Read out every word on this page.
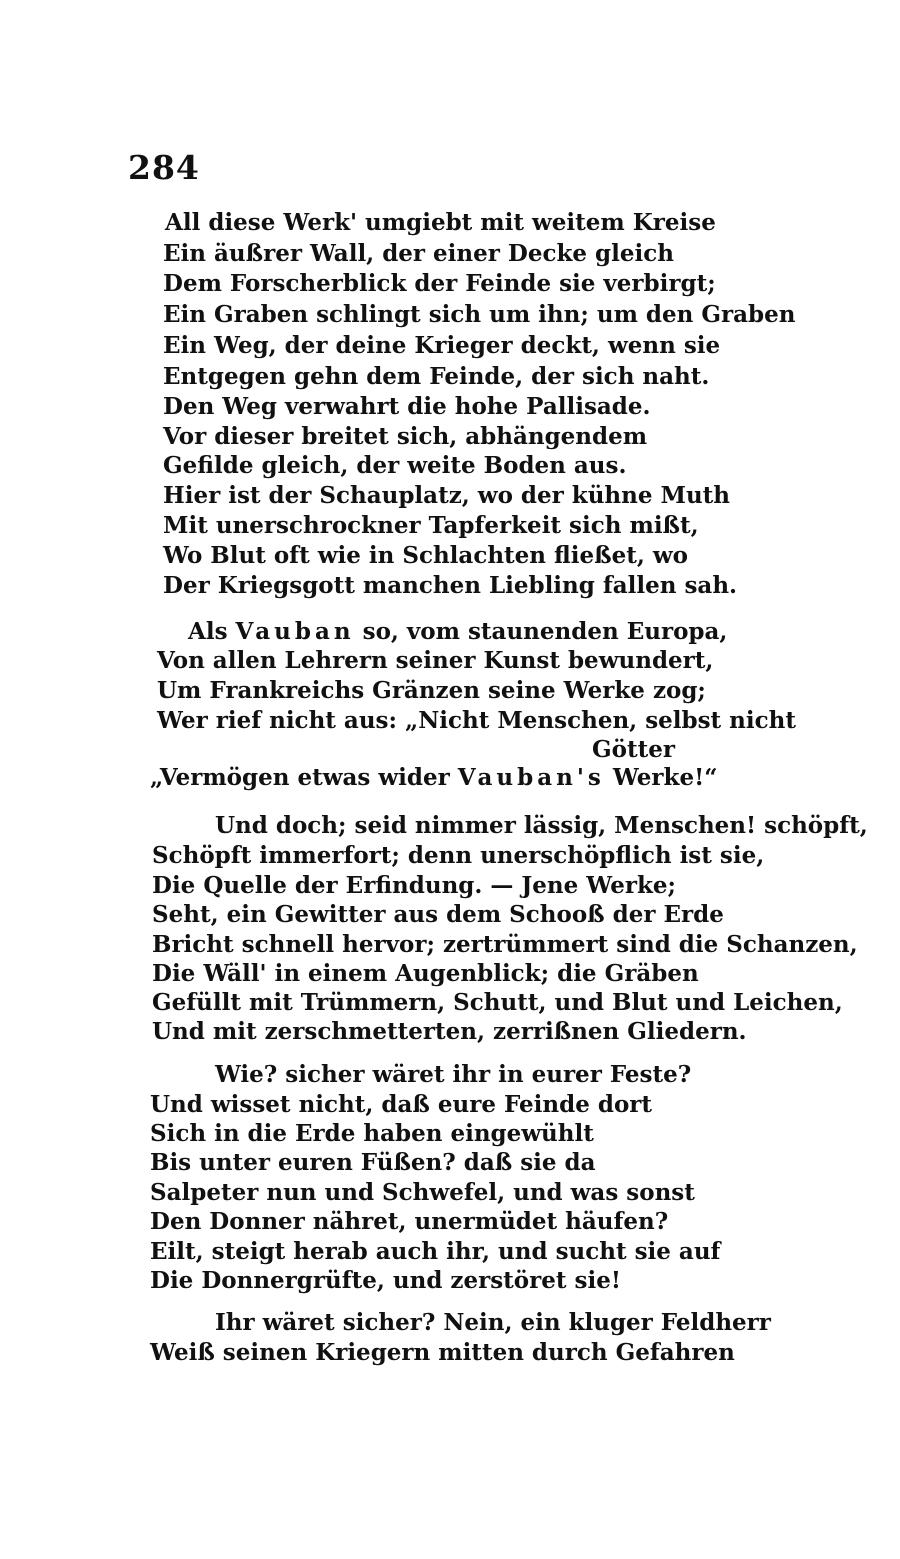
284
All diese Werk' umgiebt mit weitem Kreise
Ein äußrer Wall, der einer Decke gleich
Dem Forscherblick der Feinde sie verbirgt;
Ein Graben schlingt sich um ihn; um den Graben
Ein Weg, der deine Krieger deckt, wenn sie
Entgegen gehn dem Feinde, der sich naht.
Den Weg verwahrt die hohe Pallisade.
Vor dieser breitet sich, abhängendem
Gefilde gleich, der weite Boden aus.
Hier ist der Schauplatz, wo der kühne Muth
Mit unerschrockner Tapferkeit sich mißt,
Wo Blut oft wie in Schlachten fließet, wo
Der Kriegsgott manchen Liebling fallen sah.
Als Vauban so, vom staunenden Europa,
Von allen Lehrern seiner Kunst bewundert,
Um Frankreichs Gränzen seine Werke zog;
Wer rief nicht aus: „Nicht Menschen, selbst nicht
Götter
„Vermögen etwas wider Vauban's Werke!“
Und doch; seid nimmer lässig, Menschen! schöpft,
Schöpft immerfort; denn unerschöpflich ist sie,
Die Quelle der Erfindung. — Jene Werke;
Seht, ein Gewitter aus dem Schooß der Erde
Bricht schnell hervor; zertrümmert sind die Schanzen,
Die Wäll' in einem Augenblick; die Gräben
Gefüllt mit Trümmern, Schutt, und Blut und Leichen,
Und mit zerschmetterten, zerrißnen Gliedern.
Wie? sicher wäret ihr in eurer Feste?
Und wisset nicht, daß eure Feinde dort
Sich in die Erde haben eingewühlt
Bis unter euren Füßen? daß sie da
Salpeter nun und Schwefel, und was sonst
Den Donner nähret, unermüdet häufen?
Eilt, steigt herab auch ihr, und sucht sie auf
Die Donnergrüfte, und zerstöret sie!
Ihr wäret sicher? Nein, ein kluger Feldherr
Weiß seinen Kriegern mitten durch Gefahren
